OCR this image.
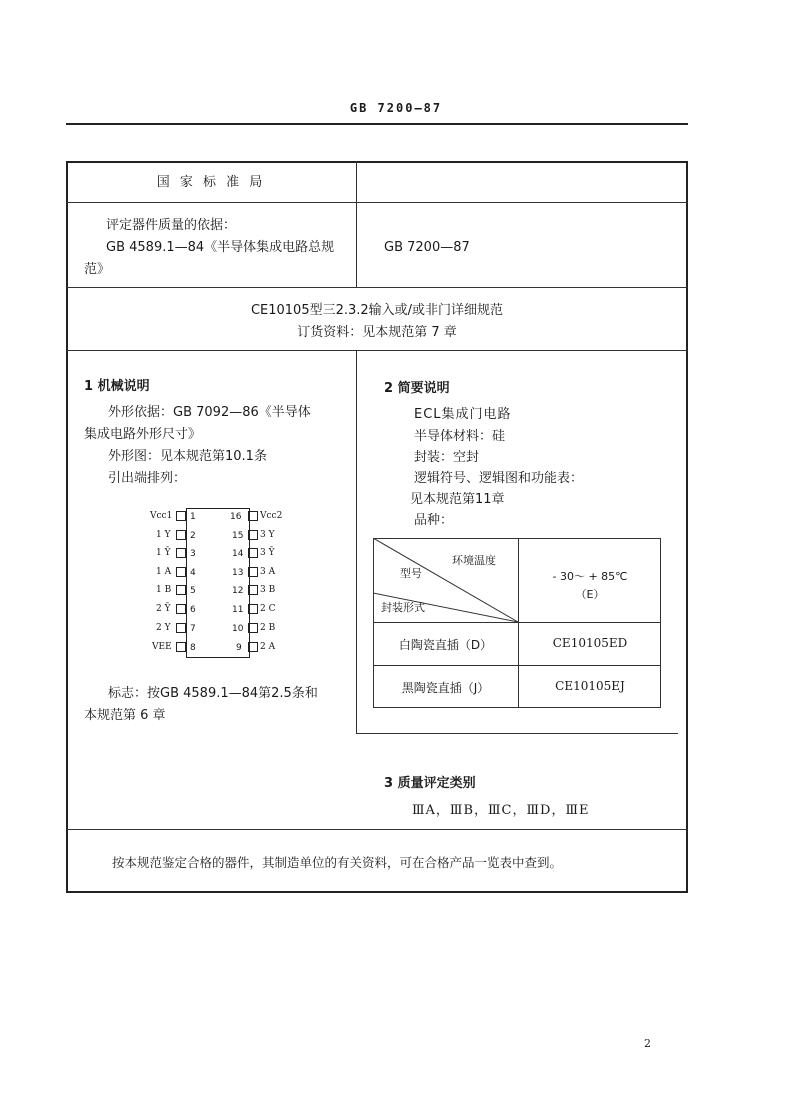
GB 7200—87
国 家 标 准 局
评定器件质量的依据：
GB 4589.1—84《半导体集成电路总规
范》
GB 7200—87
CE10105型三2.3.2输入或/或非门详细规范
订货资料：见本规范第 7 章
1 机械说明
外形依据：GB 7092—86《半导体
集成电路外形尺寸》
外形图：见本规范第10.1条
引出端排列：
Vcc1 1
1 Y 2
1 Ȳ 3
1 A 4
1 B 5
2 Ȳ 6
2 Y 7
VEE 8
16 Vcc2
15 3 Y
14 3 Ȳ
13 3 A
12 3 B
11 2 C
10 2 B
9 2 A
标志：按GB 4589.1—84第2.5条和
本规范第 6 章
2 简要说明
ECL集成门电路
半导体材料：硅
封装：空封
逻辑符号、逻辑图和功能表：
见本规范第11章
品种：
环境温度
型号
封装形式
- 30～ + 85℃
（E）
白陶瓷直插（D）	CE10105ED
黑陶瓷直插（J）	CE10105EJ
3 质量评定类别
ⅢA，ⅢB，ⅢC，ⅢD，ⅢE
按本规范鉴定合格的器件，其制造单位的有关资料，可在合格产品一览表中查到。
2
